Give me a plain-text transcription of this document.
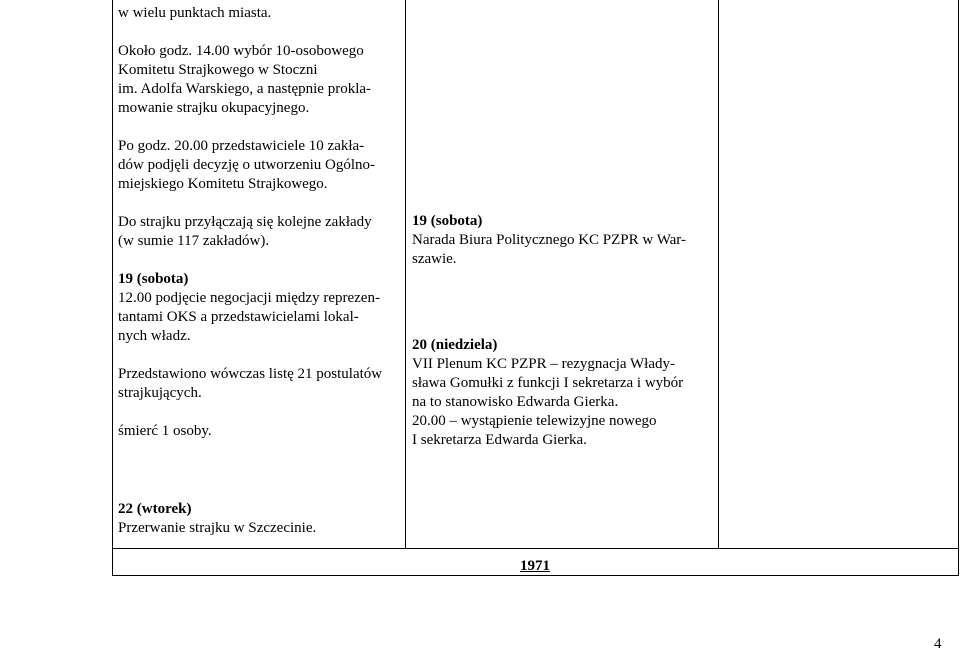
w wielu punktach miasta.

Około godz. 14.00 wybór 10-osobowego

Komitetu Strajkowego w Stoczni

im. Adolfa Warskiego, a następnie prokla-

mowanie strajku okupacyjnego.

Po godz. 20.00 przedstawiciele 10 zakła-

dów podjęli decyzję o utworzeniu Ogólno-

miejskiego Komitetu Strajkowego.

Do strajku przyłączają się kolejne zakłady

(w sumie 117 zakładów).

19 (sobota)

12.00 podjęcie negocjacji między reprezen-

tantami OKS a przedstawicielami lokal-

nych władz.

Przedstawiono wówczas listę 21 postulatów

strajkujących.

śmierć 1 osoby.

22 (wtorek)

Przerwanie strajku w Szczecinie.

19 (sobota)

Narada Biura Politycznego KC PZPR w War-

szawie.

20 (niedziela)

VII Plenum KC PZPR – rezygnacja Włady-

sława Gomułki z funkcji I sekretarza i wybór

na to stanowisko Edwarda Gierka.

20.00 – wystąpienie telewizyjne nowego

I sekretarza Edwarda Gierka.

1971
4
